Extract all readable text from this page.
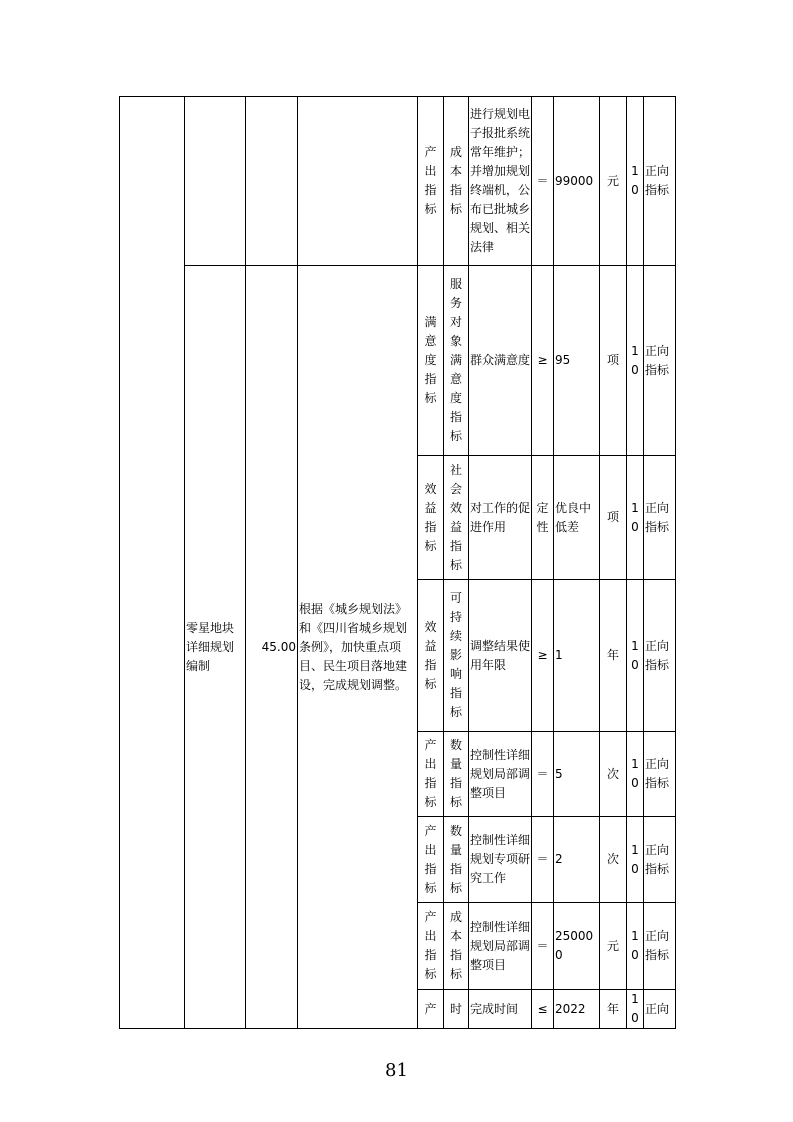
				产出指标	成本指标	进行规划电子报批系统常年维护；并增加规划终端机，公布已批城乡规划、相关法律	＝	99000	元	10	正向指标
	零星地块详细规划编制	45.00	根据《城乡规划法》和《四川省城乡规划条例》，加快重点项目、民生项目落地建设，完成规划调整。	满意度指标	服务对象满意度指标	群众满意度	≥	95	项	10	正向指标

				效益指标	社会效益指标	对工作的促进作用	定性	优良中低差	项	10	正向指标

				效益指标	可持续影响指标	调整结果使用年限	≥	1	年	10	正向指标

				产出指标	数量指标	控制性详细规划局部调整项目	＝	5	次	10	正向指标

				产出指标	数量指标	控制性详细规划专项研究工作	＝	2	次	10	正向指标

				产出指标	成本指标	控制性详细规划局部调整项目	＝	250000	元	10	正向指标
				产	时	完成时间	≤	2022	年	10	正向
81
